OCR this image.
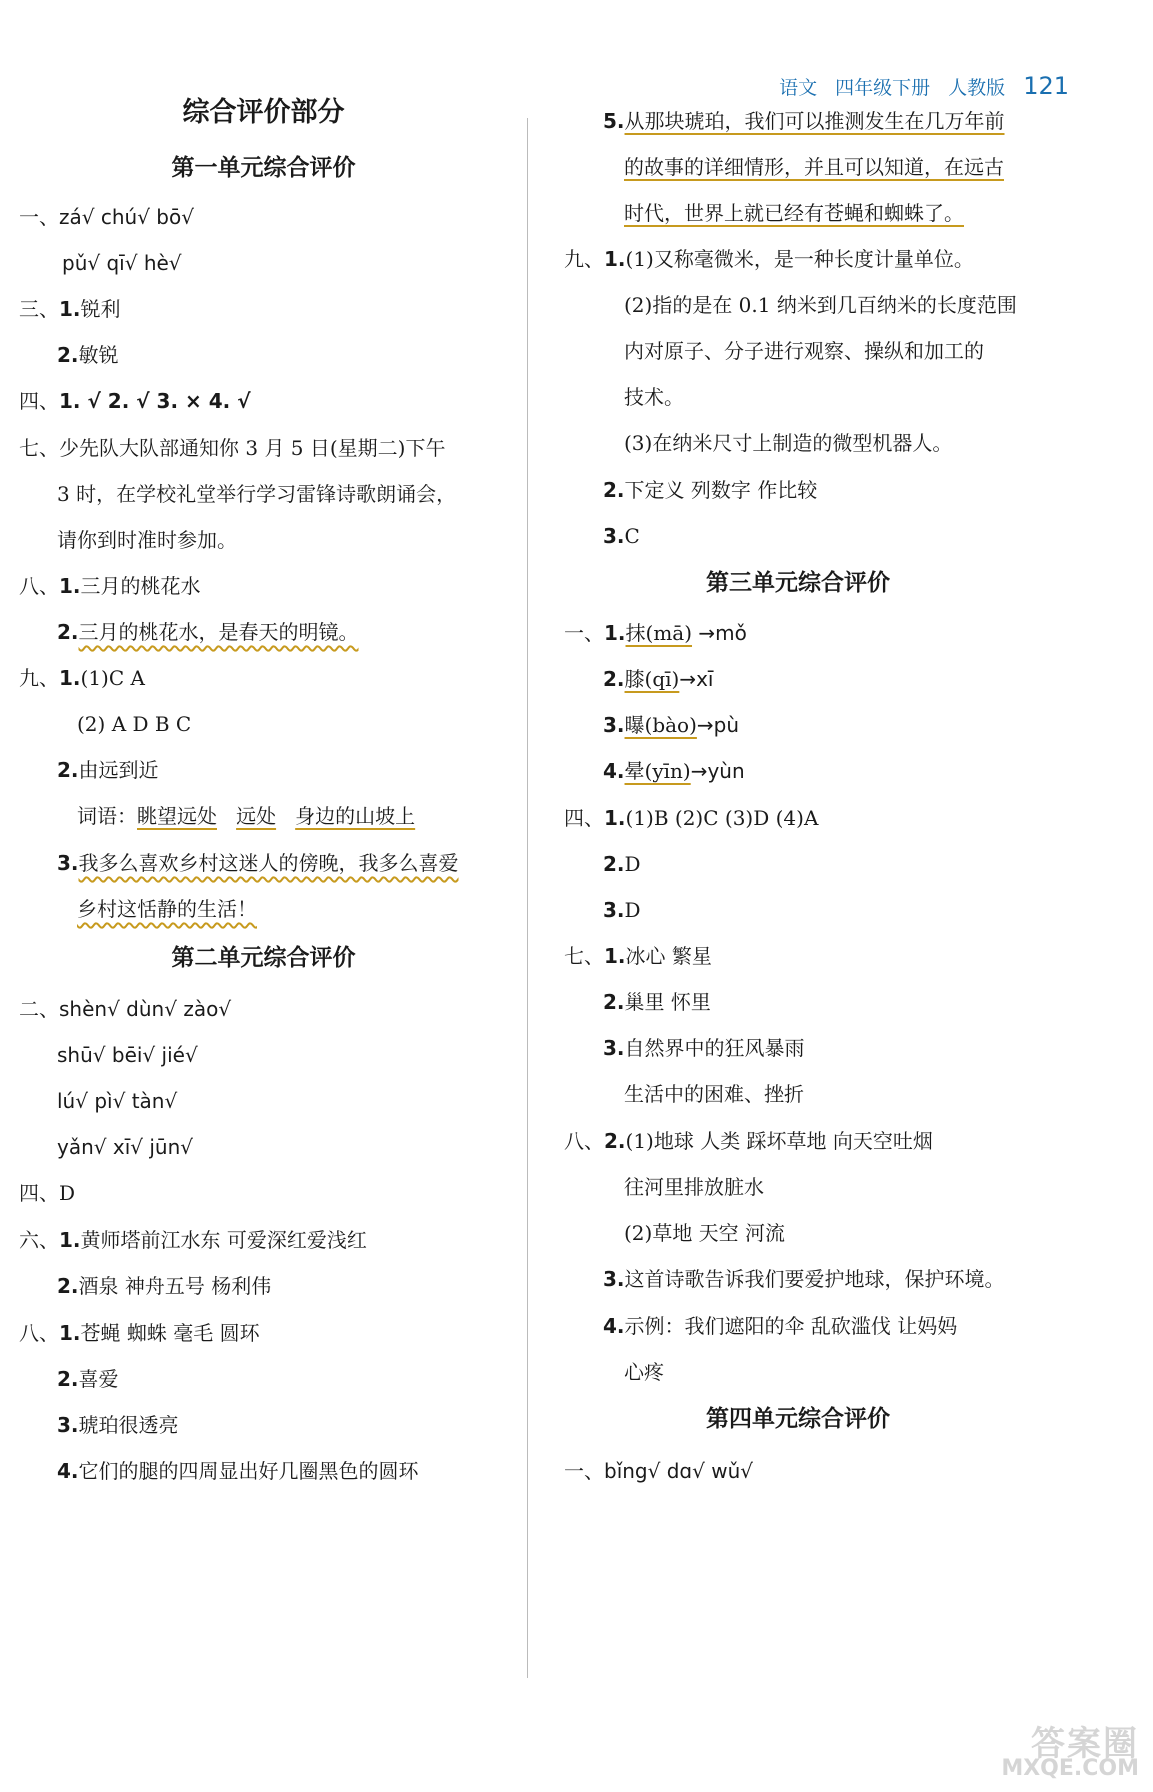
语文 四年级下册 人教版 121
综合评价部分
第一单元综合评价
一、zá√ chú√ bō√
pǔ√ qī√ hè√
三、1.锐利
2.敏锐
四、1. √ 2. √ 3. × 4. √
七、少先队大队部通知你 3 月 5 日(星期二)下午
3 时，在学校礼堂举行学习雷锋诗歌朗诵会，
请你到时准时参加。
八、1.三月的桃花水
2.三月的桃花水，是春天的明镜。
九、1.(1)C A
(2) A D B C
2.由远到近
词语：眺望远处 远处 身边的山坡上
3.我多么喜欢乡村这迷人的傍晚，我多么喜爱
乡村这恬静的生活！
第二单元综合评价
二、shèn√ dùn√ zào√
shū√ bēi√ jié√
lú√ pì√ tàn√
yǎn√ xī√ jūn√
四、D
六、1.黄师塔前江水东 可爱深红爱浅红
2.酒泉 神舟五号 杨利伟
八、1.苍蝇 蜘蛛 毫毛 圆环
2.喜爱
3.琥珀很透亮
4.它们的腿的四周显出好几圈黑色的圆环
5.从那块琥珀，我们可以推测发生在几万年前
的故事的详细情形，并且可以知道，在远古
时代，世界上就已经有苍蝇和蜘蛛了。
九、1.(1)又称毫微米，是一种长度计量单位。
(2)指的是在 0.1 纳米到几百纳米的长度范围
内对原子、分子进行观察、操纵和加工的
技术。
(3)在纳米尺寸上制造的微型机器人。
2.下定义 列数字 作比较
3.C
第三单元综合评价
一、1.抹(mā) →mǒ
2.膝(qī)→xī
3.曝(bào)→pù
4.晕(yīn)→yùn
四、1.(1)B (2)C (3)D (4)A
2.D
3.D
七、1.冰心 繁星
2.巢里 怀里
3.自然界中的狂风暴雨
生活中的困难、挫折
八、2.(1)地球 人类 踩坏草地 向天空吐烟
往河里排放脏水
(2)草地 天空 河流
3.这首诗歌告诉我们要爱护地球，保护环境。
4.示例：我们遮阳的伞 乱砍滥伐 让妈妈
心疼
第四单元综合评价
一、bǐng√ dɑ√ wǔ√
答案圈
MXQE.COM
